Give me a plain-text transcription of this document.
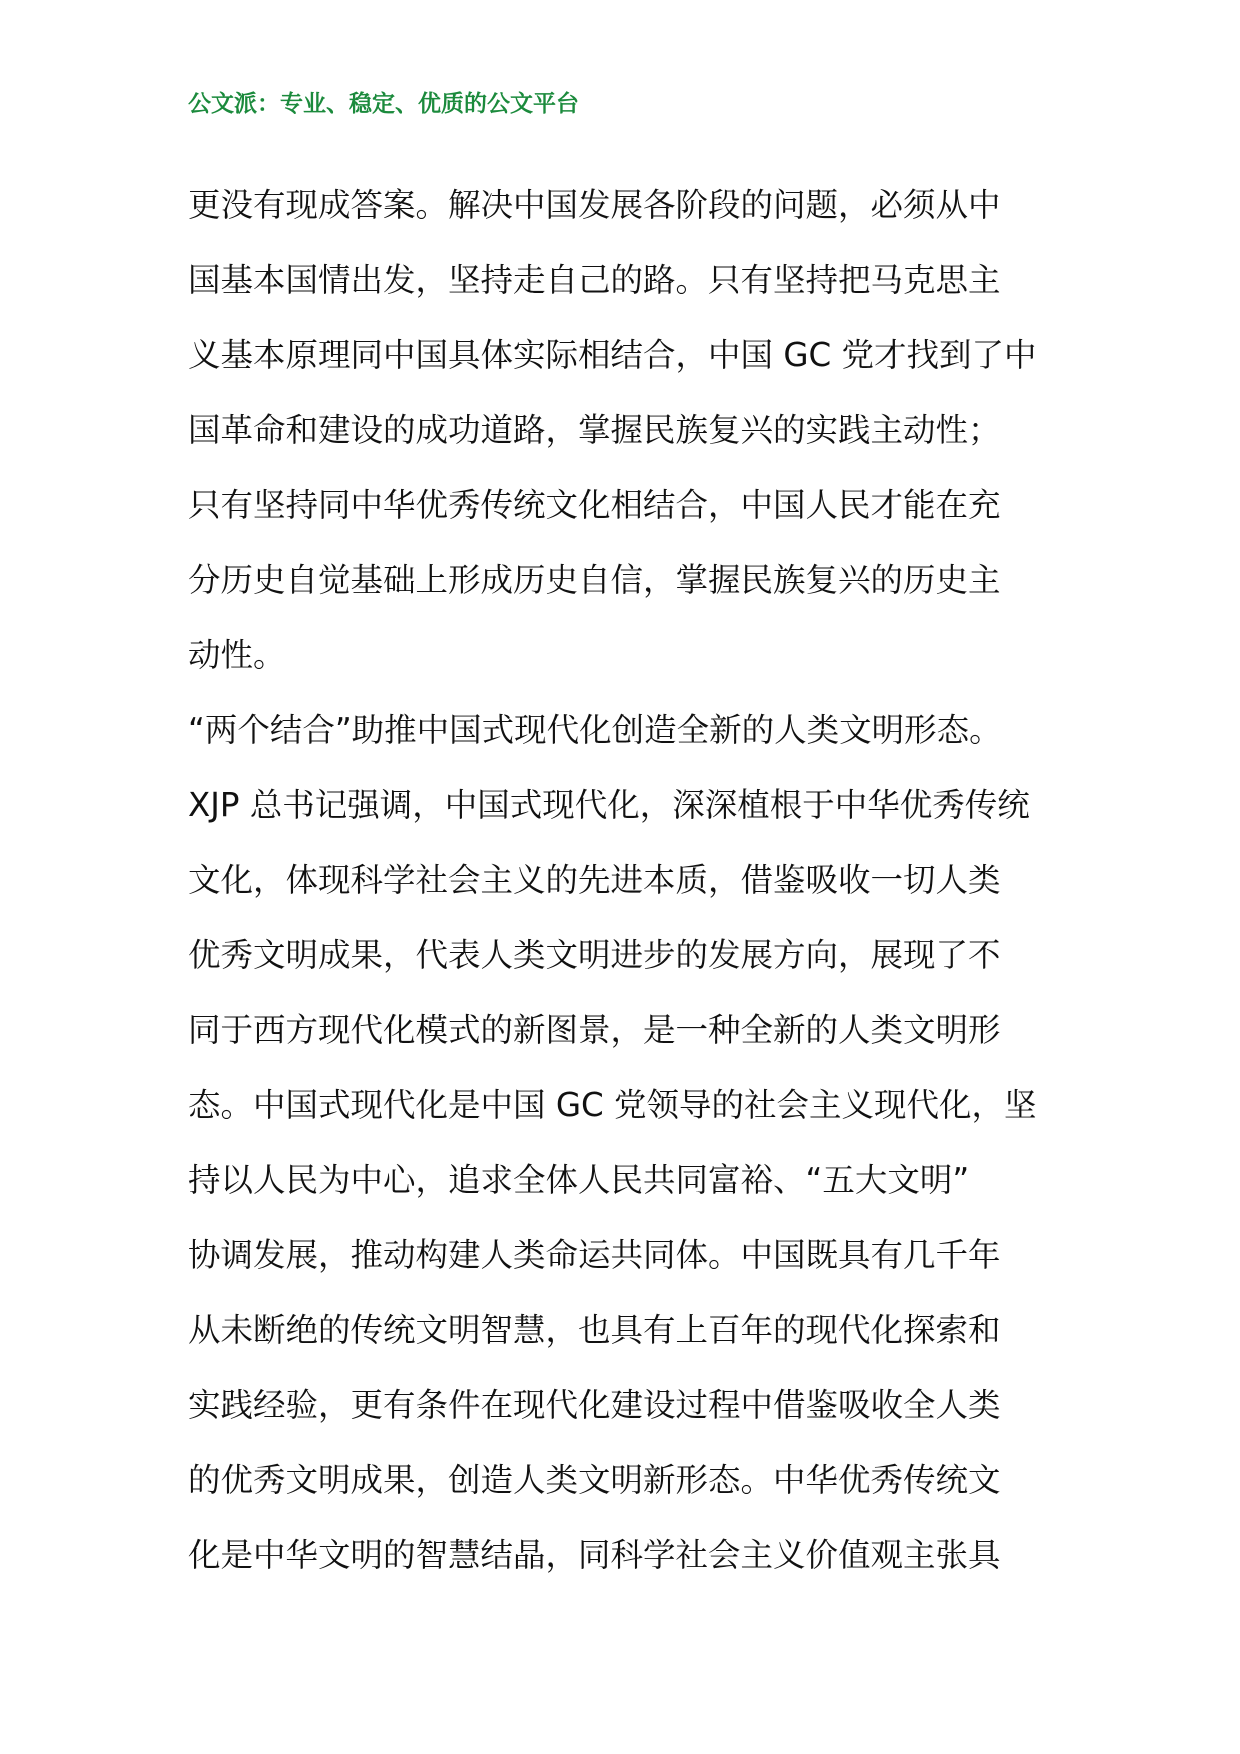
公文派：专业、稳定、优质的公文平台
更没有现成答案。解决中国发展各阶段的问题，必须从中
国基本国情出发，坚持走自己的路。只有坚持把马克思主
义基本原理同中国具体实际相结合，中国 GC 党才找到了中
国革命和建设的成功道路，掌握民族复兴的实践主动性；
只有坚持同中华优秀传统文化相结合，中国人民才能在充
分历史自觉基础上形成历史自信，掌握民族复兴的历史主
动性。
“两个结合”助推中国式现代化创造全新的人类文明形态。
XJP 总书记强调，中国式现代化，深深植根于中华优秀传统
文化，体现科学社会主义的先进本质，借鉴吸收一切人类
优秀文明成果，代表人类文明进步的发展方向，展现了不
同于西方现代化模式的新图景，是一种全新的人类文明形
态。中国式现代化是中国 GC 党领导的社会主义现代化，坚
持以人民为中心，追求全体人民共同富裕、“五大文明”
协调发展，推动构建人类命运共同体。中国既具有几千年
从未断绝的传统文明智慧，也具有上百年的现代化探索和
实践经验，更有条件在现代化建设过程中借鉴吸收全人类
的优秀文明成果，创造人类文明新形态。中华优秀传统文
化是中华文明的智慧结晶，同科学社会主义价值观主张具
